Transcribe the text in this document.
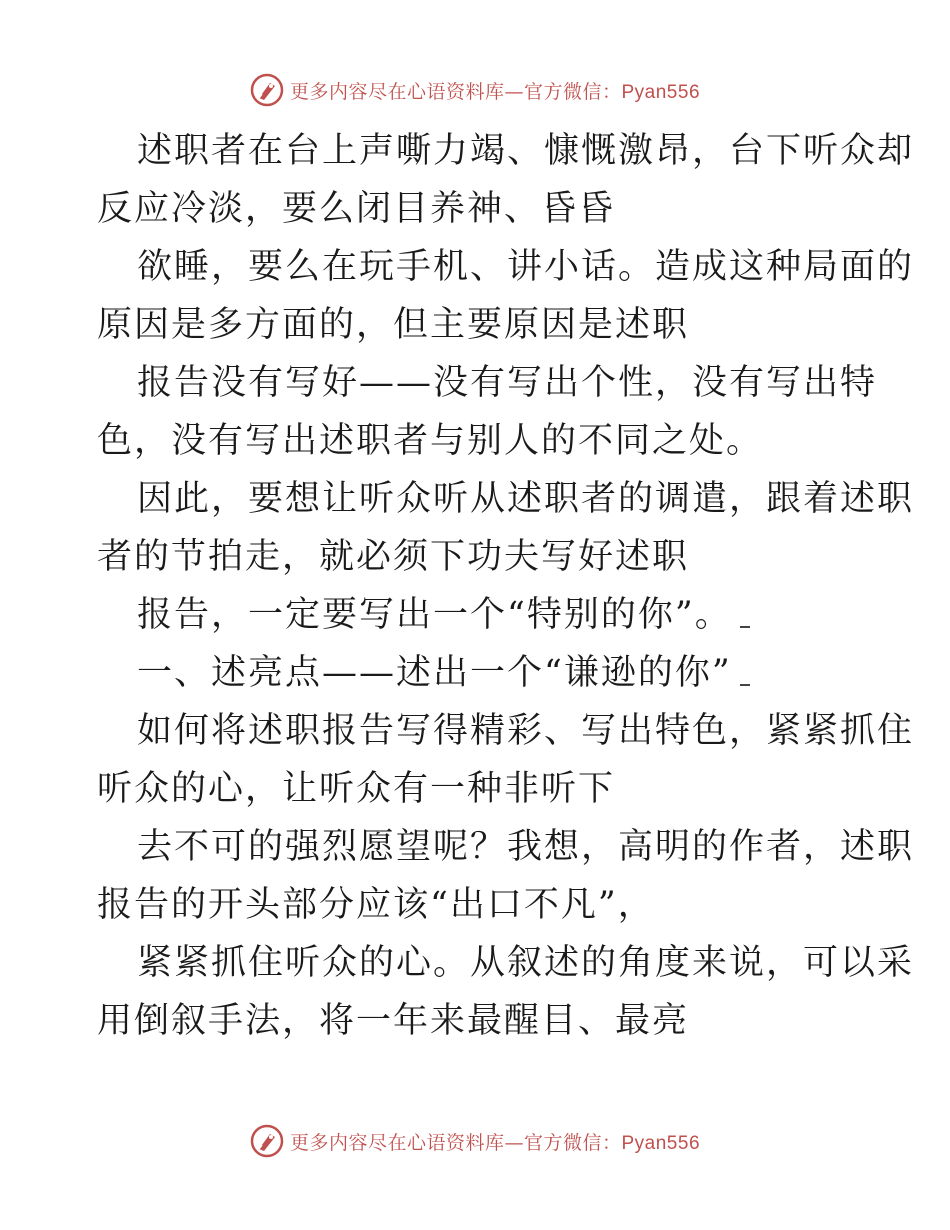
更多内容尽在心语资料库—官方微信：Pyan556

述职者在台上声嘶力竭、慷慨激昂，台下听众却
反应冷淡，要么闭目养神、昏昏

欲睡，要么在玩手机、讲小话。造成这种局面的
原因是多方面的，但主要原因是述职

报告没有写好——没有写出个性，没有写出特
色，没有写出述职者与别人的不同之处。

因此，要想让听众听从述职者的调遣，跟着述职
者的节拍走，就必须下功夫写好述职

报告，一定要写出一个“特别的你”。

一、述亮点——述出一个“谦逊的你”

如何将述职报告写得精彩、写出特色，紧紧抓住
听众的心，让听众有一种非听下

去不可的强烈愿望呢？我想，高明的作者，述职
报告的开头部分应该“出口不凡”，

紧紧抓住听众的心。从叙述的角度来说，可以采
用倒叙手法，将一年来最醒目、最亮

更多内容尽在心语资料库—官方微信：Pyan556
